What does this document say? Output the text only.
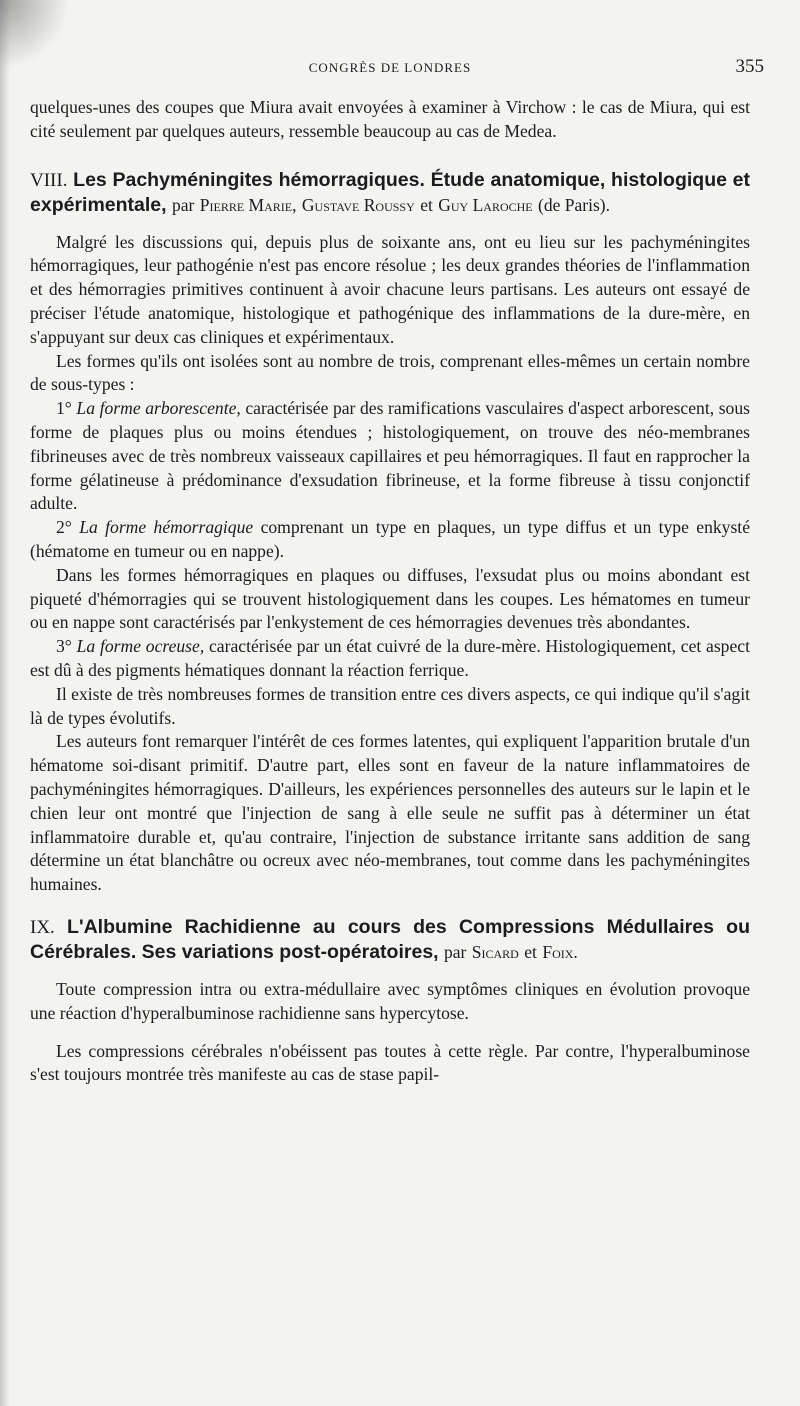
CONGRÈS DE LONDRES	355

quelques-unes des coupes que Miura avait envoyées à examiner à Virchow : le cas de Miura, qui est cité seulement par quelques auteurs, ressemble beaucoup au cas de Medea.

VIII. Les Pachyméningites hémorragiques. Étude anatomique, histologique et expérimentale, par Pierre Marie, Gustave Roussy et Guy Laroche (de Paris).

Malgré les discussions qui, depuis plus de soixante ans, ont eu lieu sur les pachyméningites hémorragiques, leur pathogénie n'est pas encore résolue ; les deux grandes théories de l'inflammation et des hémorragies primitives continuent à avoir chacune leurs partisans. Les auteurs ont essayé de préciser l'étude anatomique, histologique et pathogénique des inflammations de la dure-mère, en s'appuyant sur deux cas cliniques et expérimentaux.

Les formes qu'ils ont isolées sont au nombre de trois, comprenant elles-mêmes un certain nombre de sous-types :

1° La forme arborescente, caractérisée par des ramifications vasculaires d'aspect arborescent, sous forme de plaques plus ou moins étendues ; histologiquement, on trouve des néo-membranes fibrineuses avec de très nombreux vaisseaux capillaires et peu hémorragiques. Il faut en rapprocher la forme gélatineuse à prédominance d'exsudation fibrineuse, et la forme fibreuse à tissu conjonctif adulte.

2° La forme hémorragique comprenant un type en plaques, un type diffus et un type enkysté (hématome en tumeur ou en nappe).

Dans les formes hémorragiques en plaques ou diffuses, l'exsudat plus ou moins abondant est piqueté d'hémorragies qui se trouvent histologiquement dans les coupes. Les hématomes en tumeur ou en nappe sont caractérisés par l'enkystement de ces hémorragies devenues très abondantes.

3° La forme ocreuse, caractérisée par un état cuivré de la dure-mère. Histologiquement, cet aspect est dû à des pigments hématiques donnant la réaction ferrique.

Il existe de très nombreuses formes de transition entre ces divers aspects, ce qui indique qu'il s'agit là de types évolutifs.

Les auteurs font remarquer l'intérêt de ces formes latentes, qui expliquent l'apparition brutale d'un hématome soi-disant primitif. D'autre part, elles sont en faveur de la nature inflammatoires de pachyméningites hémorragiques. D'ailleurs, les expériences personnelles des auteurs sur le lapin et le chien leur ont montré que l'injection de sang à elle seule ne suffit pas à déterminer un état inflammatoire durable et, qu'au contraire, l'injection de substance irritante sans addition de sang détermine un état blanchâtre ou ocreux avec néo-membranes, tout comme dans les pachyméningites humaines.

IX. L'Albumine Rachidienne au cours des Compressions Médullaires ou Cérébrales. Ses variations post-opératoires, par Sicard et Foix.

Toute compression intra ou extra-médullaire avec symptômes cliniques en évolution provoque une réaction d'hyperalbuminose rachidienne sans hypercytose.

Les compressions cérébrales n'obéissent pas toutes à cette règle. Par contre, l'hyperalbuminose s'est toujours montrée très manifeste au cas de stase papil-
